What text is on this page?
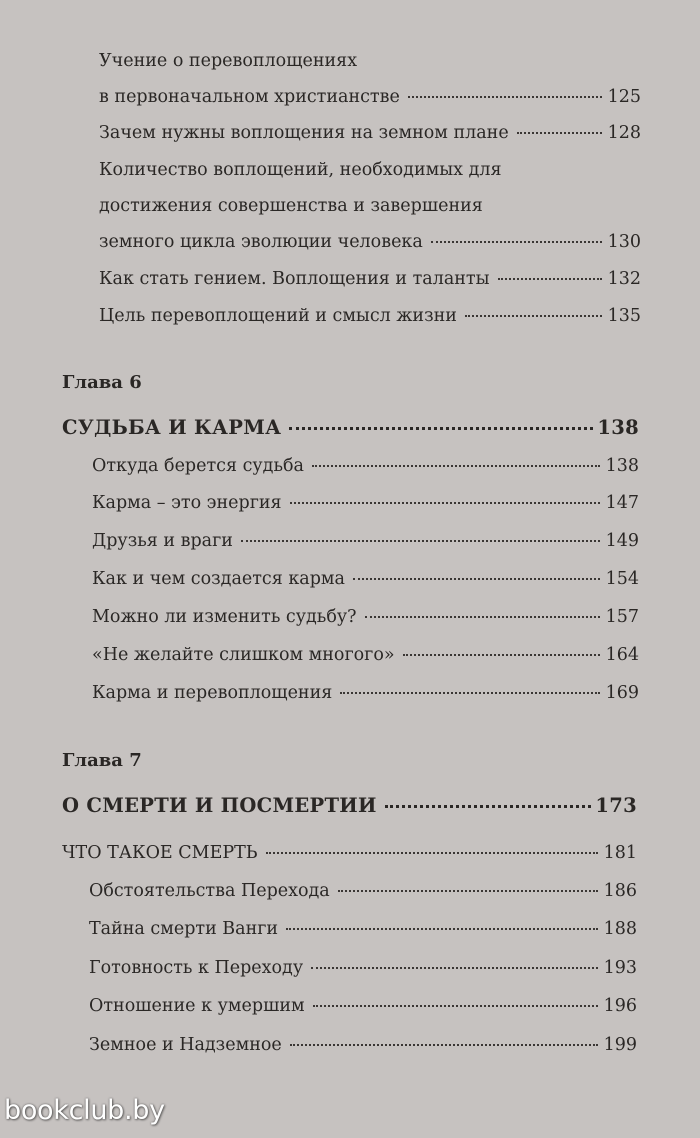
Учение о перевоплощениях
в первоначальном христианстве	125
Зачем нужны воплощения на земном плане	128
Количество воплощений, необходимых для
достижения совершенства и завершения
земного цикла эволюции человека	130
Как стать гением. Воплощения и таланты	132
Цель перевоплощений и смысл жизни	135
Глава 6
СУДЬБА И КАРМА	138
Откуда берется судьба	138
Карма – это энергия	147
Друзья и враги	149
Как и чем создается карма	154
Можно ли изменить судьбу?	157
«Не желайте слишком многого»	164
Карма и перевоплощения	169
Глава 7
О СМЕРТИ И ПОСМЕРТИИ	173
ЧТО ТАКОЕ СМЕРТЬ	181
Обстоятельства Перехода	186
Тайна смерти Ванги	188
Готовность к Переходу	193
Отношение к умершим	196
Земное и Надземное	199
bookclub.by
